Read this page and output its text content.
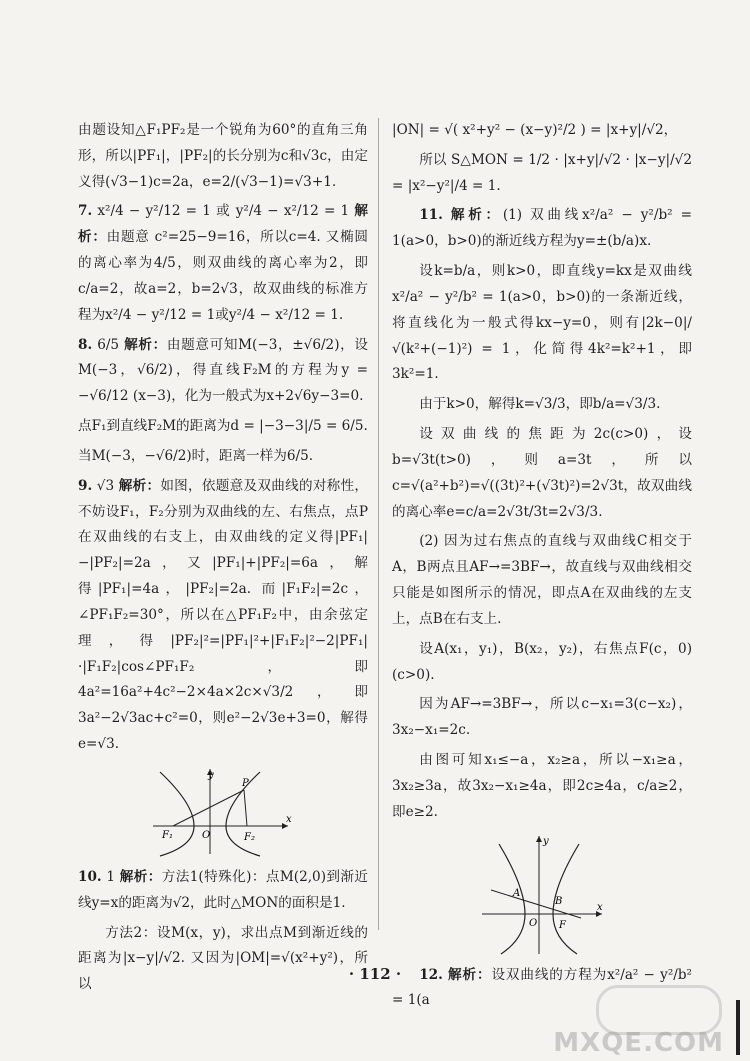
由题设知△F₁PF₂是一个锐角为60°的直角三角形，所以|PF₁|，|PF₂|的长分别为c和√3c，由定义得(√3−1)c=2a，e=2/(√3−1)=√3+1.

7. x²/4 − y²/12 = 1 或 y²/4 − x²/12 = 1 解析：由题意 c²=25−9=16，所以c=4. 又椭圆的离心率为4/5，则双曲线的离心率为2，即c/a=2，故a=2，b=2√3，故双曲线的标准方程为x²/4 − y²/12 = 1或y²/4 − x²/12 = 1.

8. 6/5 解析：由题意可知M(−3，±√6/2)，设M(−3，√6/2)，得直线F₂M的方程为y = −√6/12 (x−3)，化为一般式为x+2√6y−3=0.

点F₁到直线F₂M的距离为d = |−3−3|/5 = 6/5.

当M(−3，−√6/2)时，距离一样为6/5.

9. √3 解析：如图，依题意及双曲线的对称性，不妨设F₁，F₂分别为双曲线的左、右焦点，点P在双曲线的右支上，由双曲线的定义得|PF₁|−|PF₂|=2a，又|PF₁|+|PF₂|=6a，解得|PF₁|=4a，|PF₂|=2a. 而|F₁F₂|=2c，∠PF₁F₂=30°，所以在△PF₁F₂中，由余弦定理，得|PF₂|²=|PF₁|²+|F₁F₂|²−2|PF₁|·|F₁F₂|cos∠PF₁F₂，即4a²=16a²+4c²−2×4a×2c×√3/2，即3a²−2√3ac+c²=0，则e²−2√3e+3=0，解得e=√3.

y
x
P
F₁	O	F₂

10. 1 解析：方法1(特殊化)：点M(2,0)到渐近线y=x的距离为√2，此时△MON的面积是1.

方法2：设M(x，y)，求出点M到渐近线的距离为|x−y|/√2. 又因为|OM|=√(x²+y²)，所以

|ON| = √( x²+y² − (x−y)²/2 ) = |x+y|/√2，

所以 S△MON = 1/2 · |x+y|/√2 · |x−y|/√2 = |x²−y²|/4 = 1.

11. 解析：(1) 双曲线x²/a² − y²/b² = 1(a>0，b>0)的渐近线方程为y=±(b/a)x.

设k=b/a，则k>0，即直线y=kx是双曲线x²/a² − y²/b² = 1(a>0，b>0)的一条渐近线，将直线化为一般式得kx−y=0，则有|2k−0|/√(k²+(−1)²) = 1，化简得4k²=k²+1，即3k²=1.

由于k>0，解得k=√3/3，即b/a=√3/3.

设双曲线的焦距为2c(c>0)，设b=√3t(t>0)，则a=3t，所以c=√(a²+b²)=√((3t)²+(√3t)²)=2√3t，故双曲线的离心率e=c/a=2√3t/3t=2√3/3.

(2) 因为过右焦点的直线与双曲线C相交于A，B两点且AF→=3BF→，故直线与双曲线相交只能是如图所示的情况，即点A在双曲线的左支上，点B在右支上.

设A(x₁，y₁)，B(x₂，y₂)，右焦点F(c，0)(c>0).

因为AF→=3BF→，所以c−x₁=3(c−x₂)，3x₂−x₁=2c.

由图可知x₁≤−a，x₂≥a，所以−x₁≥a，3x₂≥3a，故3x₂−x₁≥4a，即2c≥4a，c/a≥2，即e≥2.

y
x
A
B
O F

12. 解析：设双曲线的方程为x²/a² − y²/b² = 1(a

· 112 ·
MXQE.COM
